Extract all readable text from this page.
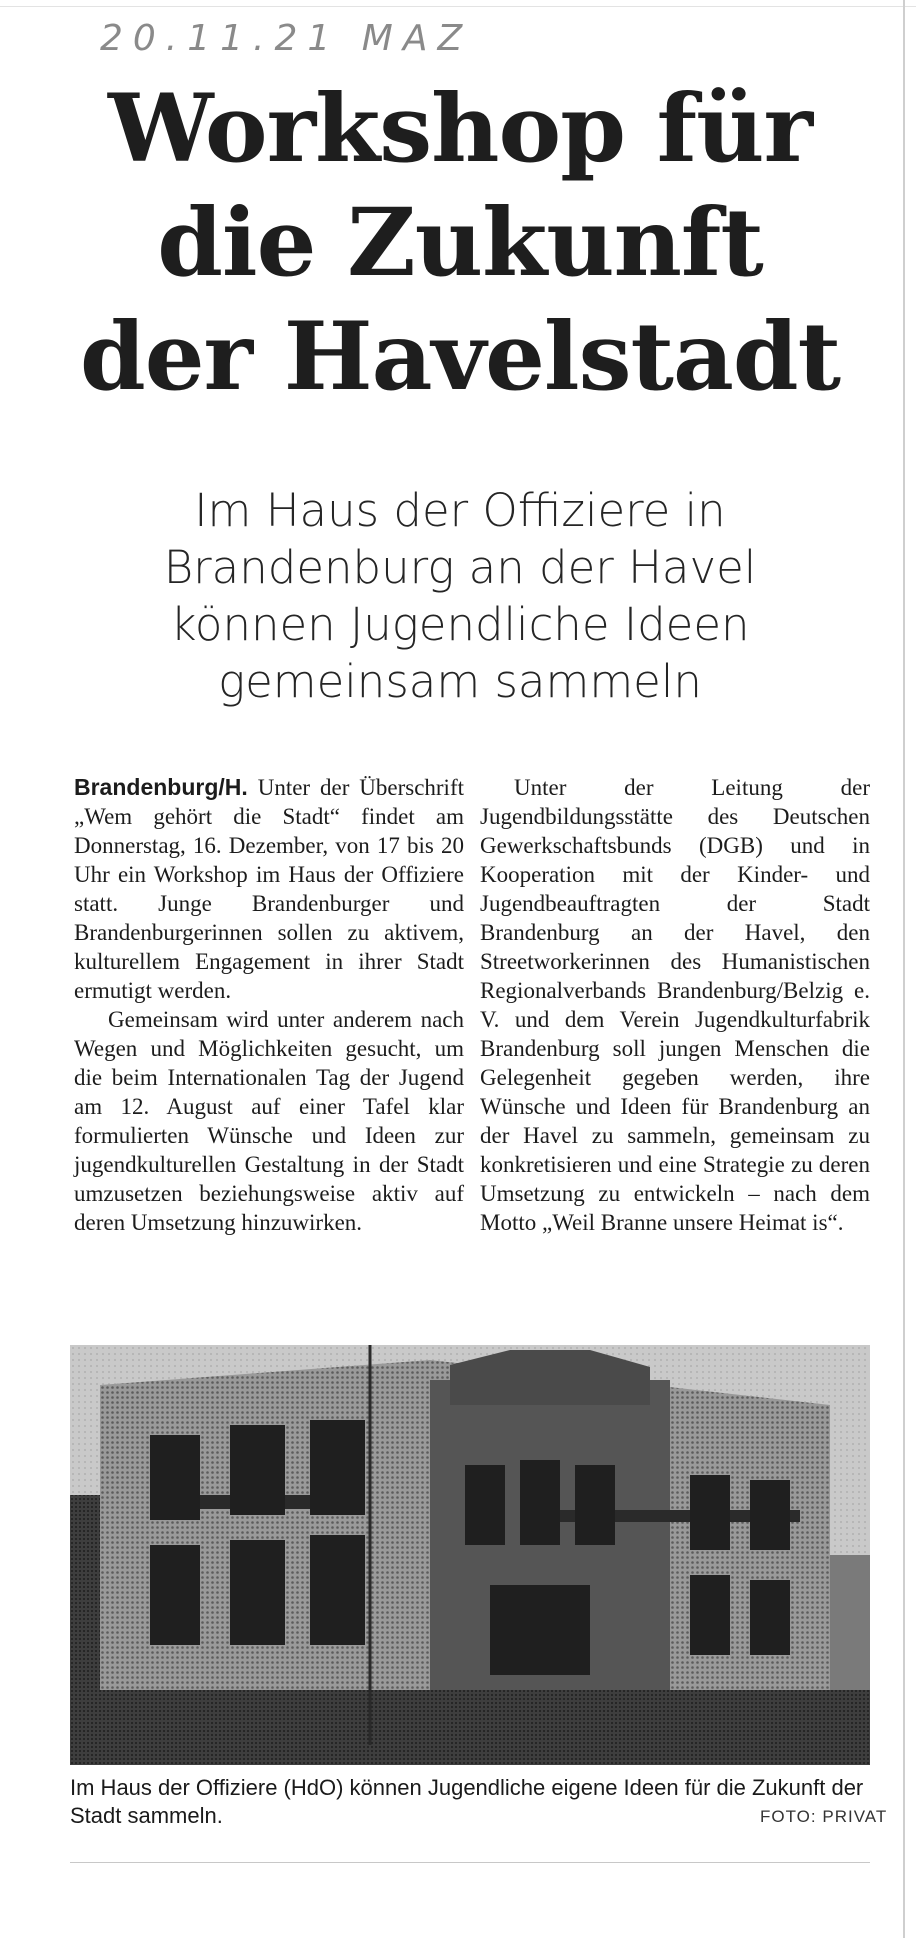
20.11.21 MAZ
Workshop für
die Zukunft
der Havelstadt
Im Haus der Offiziere in
Brandenburg an der Havel
können Jugendliche Ideen
gemeinsam sammeln

Brandenburg/H. Unter der Überschrift „Wem gehört die Stadt“ findet am Donnerstag, 16. Dezember, von 17 bis 20 Uhr ein Workshop im Haus der Offiziere statt. Junge Brandenburger und Brandenburgerinnen sollen zu aktivem, kulturellem Engagement in ihrer Stadt ermutigt werden.

Gemeinsam wird unter anderem nach Wegen und Möglichkeiten gesucht, um die beim Internationalen Tag der Jugend am 12. August auf einer Tafel klar formulierten Wünsche und Ideen zur jugendkulturellen Gestaltung in der Stadt umzusetzen beziehungsweise aktiv auf deren Umsetzung hinzuwirken.

Unter der Leitung der Jugendbildungsstätte des Deutschen Gewerkschaftsbunds (DGB) und in Kooperation mit der Kinder- und Jugendbeauftragten der Stadt Brandenburg an der Havel, den Streetworkerinnen des Humanistischen Regionalverbands Brandenburg/Belzig e. V. und dem Verein Jugendkulturfabrik Brandenburg soll jungen Menschen die Gelegenheit gegeben werden, ihre Wünsche und Ideen für Brandenburg an der Havel zu sammeln, gemeinsam zu konkretisieren und eine Strategie zu deren Umsetzung zu entwickeln – nach dem Motto „Weil Branne unsere Heimat is“.

Im Haus der Offiziere (HdO) können Jugendliche eigene Ideen für die Zukunft der Stadt sammeln.	FOTO: PRIVAT
